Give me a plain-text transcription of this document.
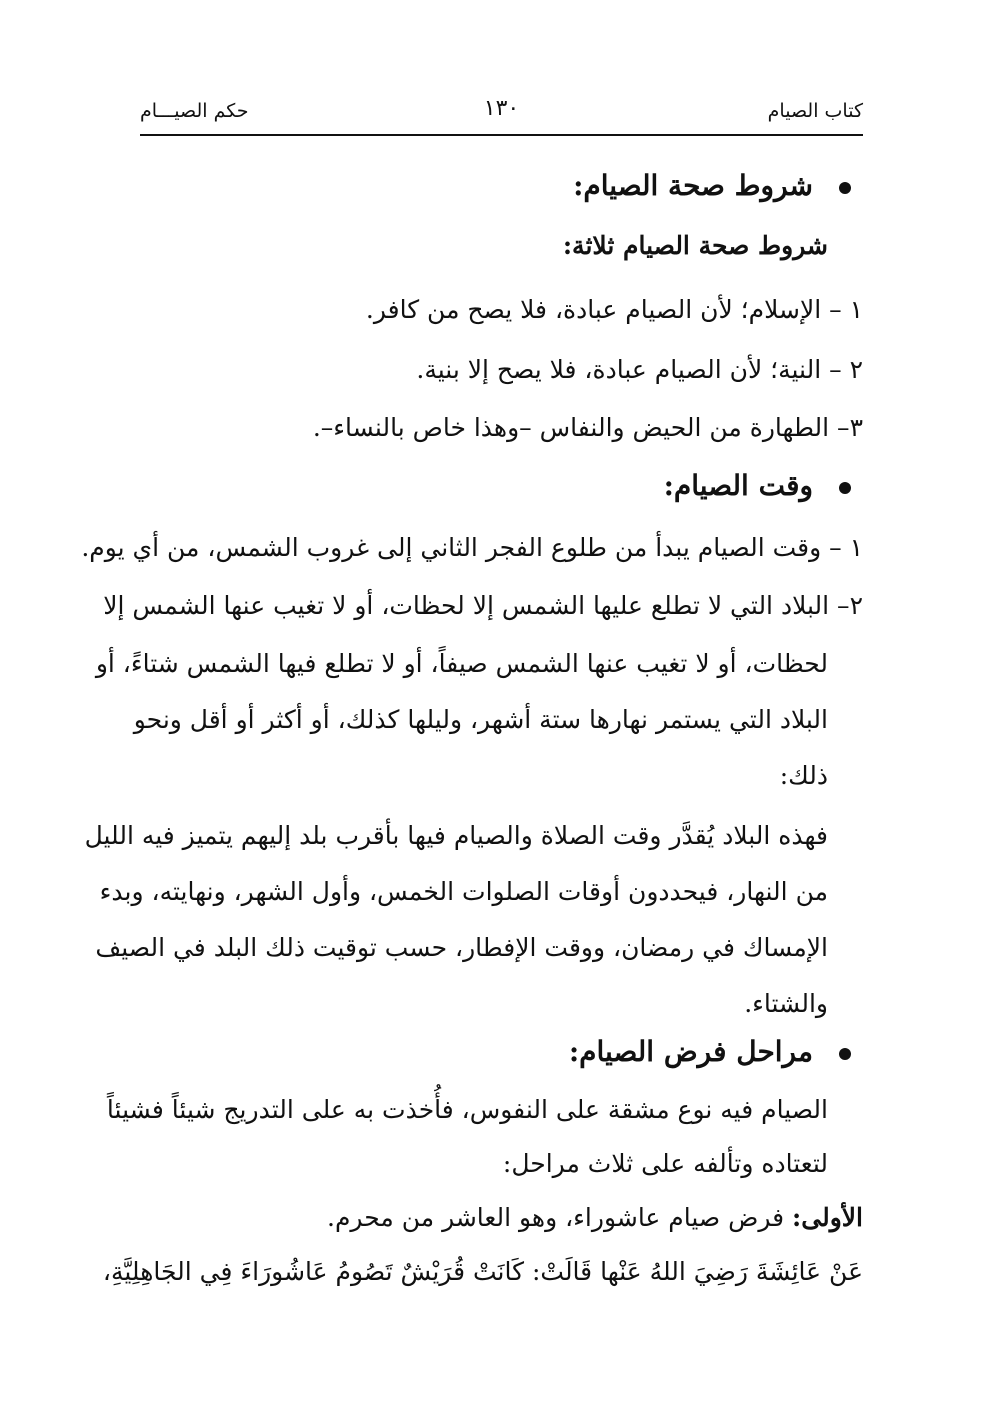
كتاب الصيام
١٣٠
حكم الصيـــام
شروط صحة الصيام:
شروط صحة الصيام ثلاثة:
١ – الإسلام؛ لأن الصيام عبادة، فلا يصح من كافر.
٢ – النية؛ لأن الصيام عبادة، فلا يصح إلا بنية.
٣– الطهارة من الحيض والنفاس –وهذا خاص بالنساء–.
وقت الصيام:
١ – وقت الصيام يبدأ من طلوع الفجر الثاني إلى غروب الشمس، من أي يوم.
٢– البلاد التي لا تطلع عليها الشمس إلا لحظات، أو لا تغيب عنها الشمس إلا
لحظات، أو لا تغيب عنها الشمس صيفاً، أو لا تطلع فيها الشمس شتاءً، أو
البلاد التي يستمر نهارها ستة أشهر، وليلها كذلك، أو أكثر أو أقل ونحو
ذلك:
فهذه البلاد يُقدَّر وقت الصلاة والصيام فيها بأقرب بلد إليهم يتميز فيه الليل
من النهار، فيحددون أوقات الصلوات الخمس، وأول الشهر، ونهايته، وبدء
الإمساك في رمضان، ووقت الإفطار، حسب توقيت ذلك البلد في الصيف
والشتاء.
مراحل فرض الصيام:
الصيام فيه نوع مشقة على النفوس، فأُخذت به على التدريج شيئاً فشيئاً
لتعتاده وتألفه على ثلاث مراحل:
الأولى: فرض صيام عاشوراء، وهو العاشر من محرم.
عَنْ عَائِشَةَ رَضِيَ اللهُ عَنْها قَالَتْ: كَانَتْ قُرَيْشٌ تَصُومُ عَاشُورَاءَ فِي الجَاهِلِيَّةِ،
